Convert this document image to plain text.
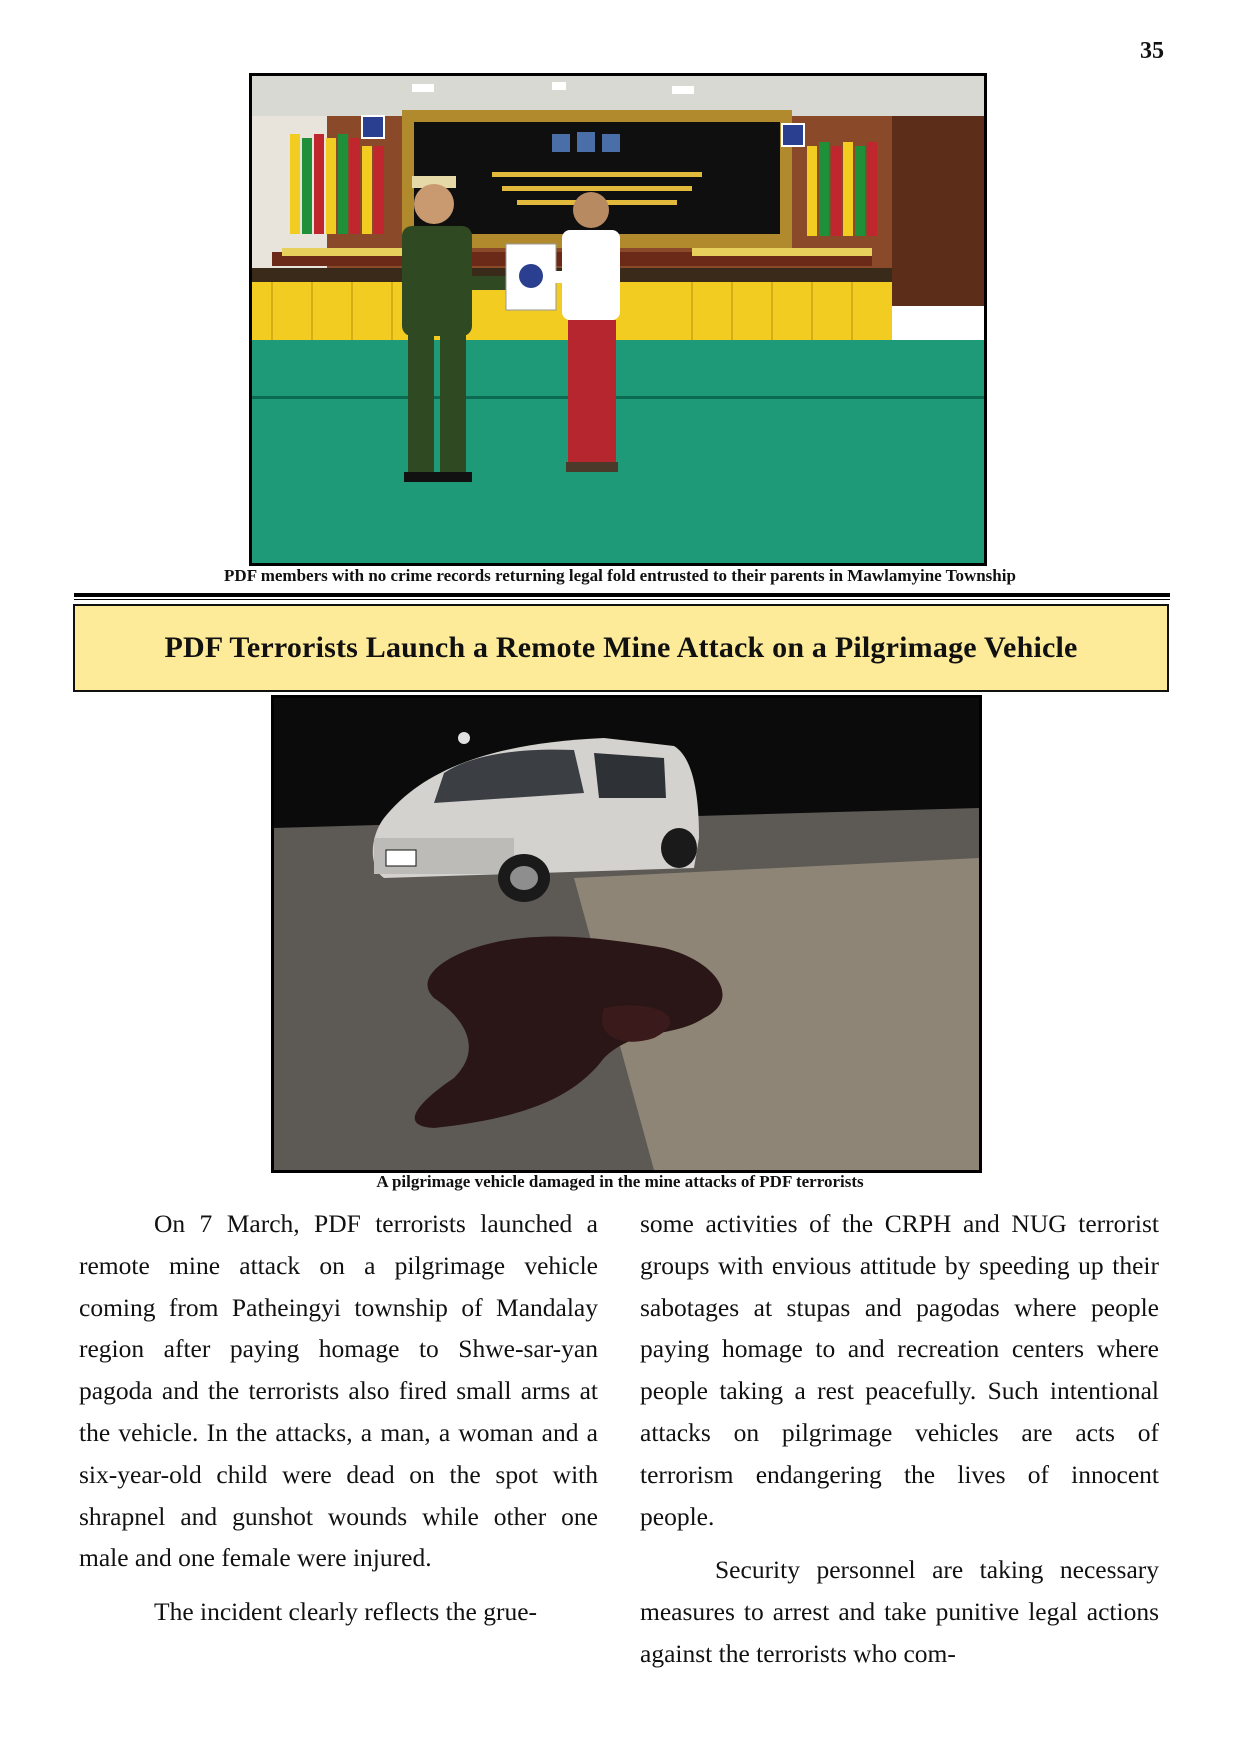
35
PDF members with no crime records returning legal fold entrusted to their parents in Mawlamyine Township
PDF Terrorists Launch a Remote Mine Attack on a Pilgrimage Vehicle
A pilgrimage vehicle damaged in the mine attacks of PDF terrorists

On 7 March, PDF terrorists launched a remote mine attack on a pilgrimage vehicle coming from Patheingyi township of Mandalay region after paying homage to Shwe-sar-yan pagoda and the terrorists also fired small arms at the vehicle. In the attacks, a man, a woman and a six-year-old child were dead on the spot with shrapnel and gunshot wounds while other one male and one female were injured.

The incident clearly reflects the grue-

some activities of the CRPH and NUG terrorist groups with envious attitude by speeding up their sabotages at stupas and pagodas where people paying homage to and recreation centers where people taking a rest peacefully. Such intentional attacks on pilgrimage vehicles are acts of terrorism endangering the lives of innocent people.

Security personnel are taking necessary measures to arrest and take punitive legal actions against the terrorists who com-
